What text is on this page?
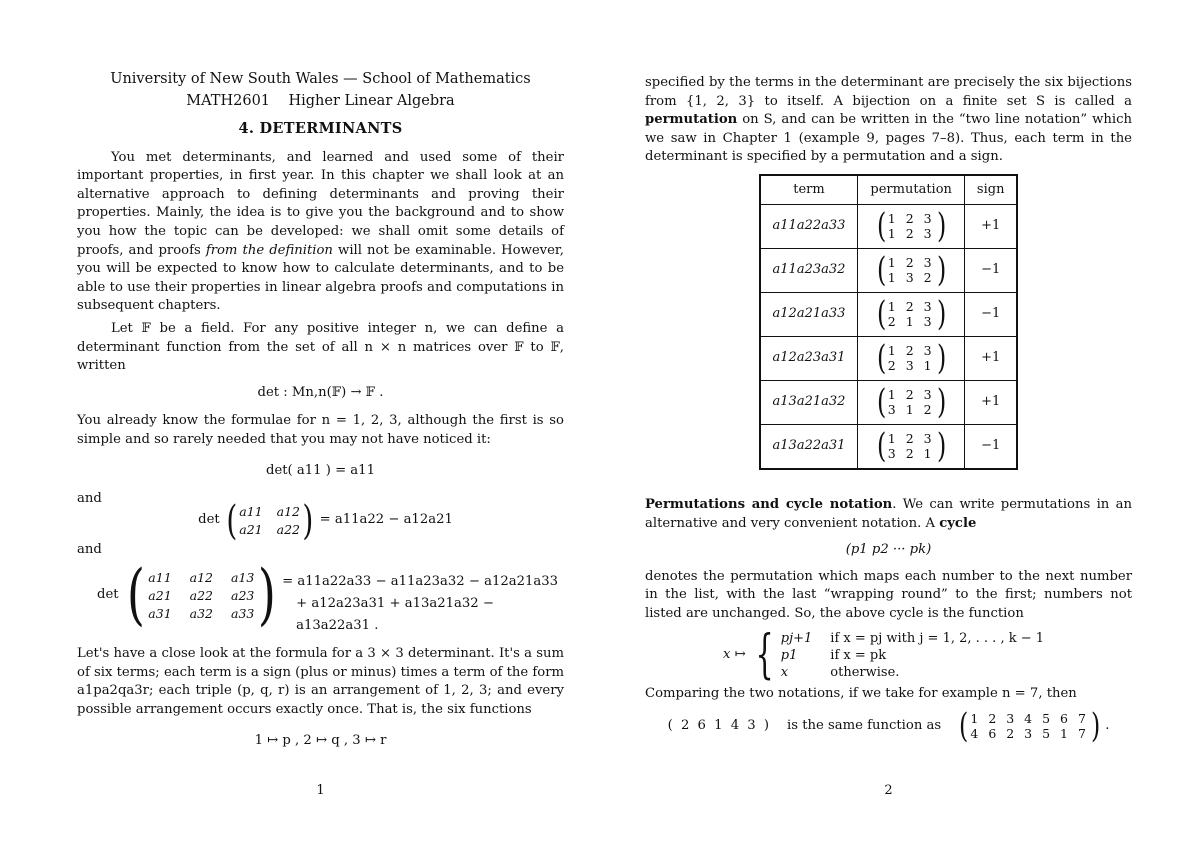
University of New South Wales — School of Mathematics
MATH2601 Higher Linear Algebra
4. DETERMINANTS

You met determinants, and learned and used some of their important properties, in first year. In this chapter we shall look at an alternative approach to defining determinants and proving their properties. Mainly, the idea is to give you the background and to show you how the topic can be developed: we shall omit some details of proofs, and proofs from the definition will not be examinable. However, you will be expected to know how to calculate determinants, and to be able to use their properties in linear algebra proofs and computations in subsequent chapters.

Let 𝔽 be a field. For any positive integer n, we can define a determinant function from the set of all n × n matrices over 𝔽 to 𝔽, written

det : Mn,n(𝔽) → 𝔽 .

You already know the formulae for n = 1, 2, 3, although the first is so simple and so rarely needed that you may not have noticed it:

det( a11 ) = a11
and
det ( a11 a12
a21 a22 ) = a11a22 − a12a21
and
det ( a11 a12 a13
a21 a22 a23
a31 a32 a33 ) = a11a22a33 − a11a23a32 − a12a21a33
+ a12a23a31 + a13a21a32 − a13a22a31 .

Let's have a close look at the formula for a 3 × 3 determinant. It's a sum of six terms; each term is a sign (plus or minus) times a term of the form a1pa2qa3r; each triple (p, q, r) is an arrangement of 1, 2, 3; and every possible arrangement occurs exactly once. That is, the six functions

1 ↦ p , 2 ↦ q , 3 ↦ r
1

specified by the terms in the determinant are precisely the six bijections from {1, 2, 3} to itself. A bijection on a finite set S is called a permutation on S, and can be written in the “two line notation” which we saw in Chapter 1 (example 9, pages 7–8). Thus, each term in the determinant is specified by a permutation and a sign.

term	permutation	sign
a11a22a33	( 1 2 3
1 2 3 )	+1
a11a23a32	( 1 2 3
1 3 2 )	−1
a12a21a33	( 1 2 3
2 1 3 )	−1
a12a23a31	( 1 2 3
2 3 1 )	+1
a13a21a32	( 1 2 3
3 1 2 )	+1
a13a22a31	( 1 2 3
3 2 1 )	−1

Permutations and cycle notation. We can write permutations in an alternative and very convenient notation. A cycle

(p1 p2 ··· pk)

denotes the permutation which maps each number to the next number in the list, with the last “wrapping round” to the first; numbers not listed are unchanged. So, the above cycle is the function

x ↦ { pj+1 if x = pj with j = 1, 2, . . . , k − 1
p1	if x = pk
x	otherwise.

Comparing the two notations, if we take for example n = 7, then

( 2 6 1 4 3 ) is the same function as ( 1 2 3 4 5 6 7
4 6 2 3 5 1 7 ) .
2
